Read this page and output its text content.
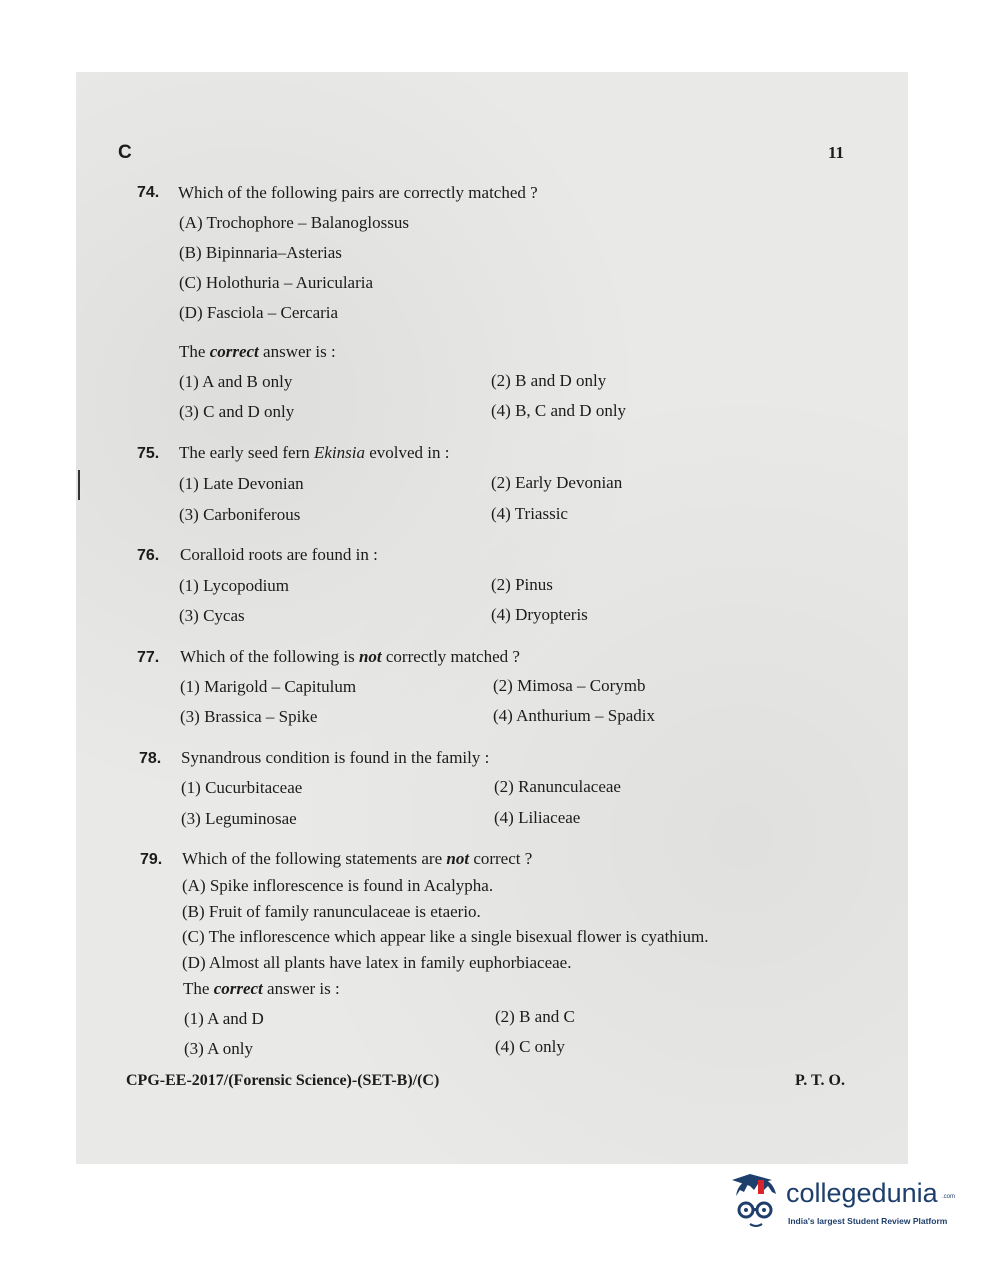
C	11
74. Which of the following pairs are correctly matched ?
(A) Trochophore – Balanoglossus
(B) Bipinnaria–Asterias
(C) Holothuria – Auricularia
(D) Fasciola – Cercaria
The correct answer is :
(1) A and B only	(2) B and D only
(3) C and D only	(4) B, C and D only
75. The early seed fern Ekinsia evolved in :
(1) Late Devonian	(2) Early Devonian
(3) Carboniferous	(4) Triassic
76. Coralloid roots are found in :
(1) Lycopodium	(2) Pinus
(3) Cycas	(4) Dryopteris
77. Which of the following is not correctly matched ?
(1) Marigold – Capitulum	(2) Mimosa – Corymb
(3) Brassica – Spike	(4) Anthurium – Spadix
78. Synandrous condition is found in the family :
(1) Cucurbitaceae	(2) Ranunculaceae
(3) Leguminosae	(4) Liliaceae
79. Which of the following statements are not correct ?
(A) Spike inflorescence is found in Acalypha.
(B) Fruit of family ranunculaceae is etaerio.
(C) The inflorescence which appear like a single bisexual flower is cyathium.
(D) Almost all plants have latex in family euphorbiaceae.
The correct answer is :
(1) A and D	(2) B and C
(3) A only	(4) C only
CPG-EE-2017/(Forensic Science)-(SET-B)/(C)	P. T. O.
collegedunia .com
India's largest Student Review Platform
